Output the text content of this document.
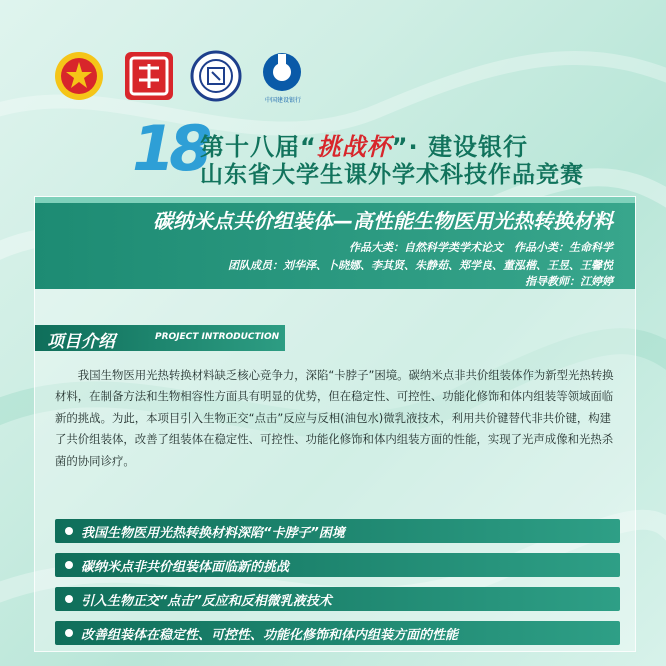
中国建设银行
18
第十八届“挑战杯”· 建设银行
山东省大学生课外学术科技作品竞赛
碳纳米点共价组装体—高性能生物医用光热转换材料
作品大类：自然科学类学术论文　作品小类：生命科学
团队成员：刘华泽、卜晓娜、李其贤、朱静茹、郑学良、董泓楷、王昱、王馨悦
指导教师：江婷婷
项目介绍	PROJECT INTRODUCTION
我国生物医用光热转换材料缺乏核心竞争力，深陷“卡脖子”困境。碳纳米点非共价组装体作为新型光热转换材料，在制备方法和生物相容性方面具有明显的优势，但在稳定性、可控性、功能化修饰和体内组装等领域面临新的挑战。为此，本项目引入生物正交“点击”反应与反相(油包水)微乳液技术，利用共价键替代非共价键，构建了共价组装体，改善了组装体在稳定性、可控性、功能化修饰和体内组装方面的性能，实现了光声成像和光热杀菌的协同诊疗。
我国生物医用光热转换材料深陷“卡脖子”困境
碳纳米点非共价组装体面临新的挑战
引入生物正交“点击”反应和反相微乳液技术
改善组装体在稳定性、可控性、功能化修饰和体内组装方面的性能
